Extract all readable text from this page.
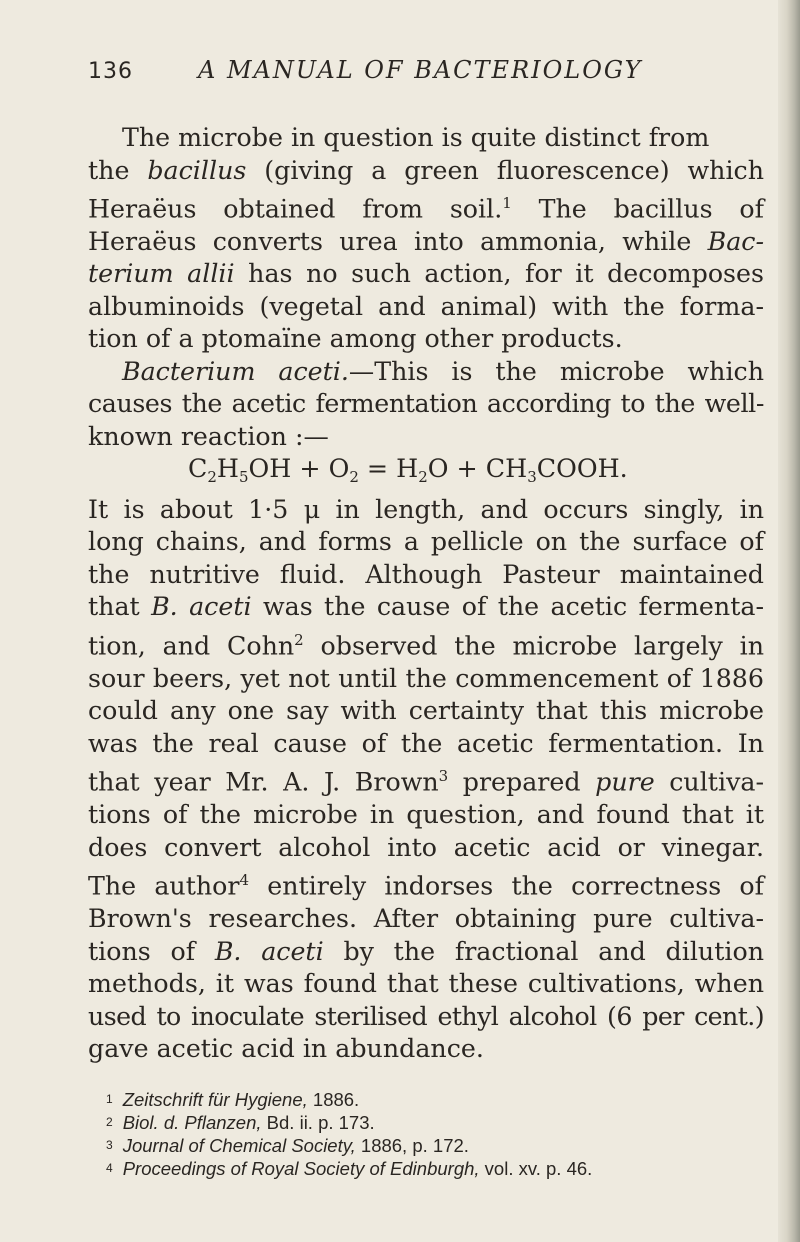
136	A MANUAL OF BACTERIOLOGY
The microbe in question is quite distinct from
the bacillus (giving a green fluorescence) which
Heraëus obtained from soil.$^1$ The bacillus of
Heraëus converts urea into ammonia, while Bac-
terium allii has no such action, for it decomposes
albuminoids (vegetal and animal) with the forma-
tion of a ptomaïne among other products.
Bacterium aceti.—This is the microbe which
causes the acetic fermentation according to the well-
known reaction :—
$C_2H_5OH + O_2 = H_2O$ + $CH_3COOH$.
It is about 1·5 μ in length, and occurs singly, in
long chains, and forms a pellicle on the surface of
the nutritive fluid. Although Pasteur maintained
that B. aceti was the cause of the acetic fermenta-
tion, and Cohn$^2$ observed the microbe largely in
sour beers, yet not until the commencement of 1886
could any one say with certainty that this microbe
was the real cause of the acetic fermentation. In
that year Mr. A. J. Brown$^3$ prepared pure cultiva-
tions of the microbe in question, and found that it
does convert alcohol into acetic acid or vinegar.
The author$^4$ entirely indorses the correctness of
Brown's researches. After obtaining pure cultiva-
tions of B. aceti by the fractional and dilution
methods, it was found that these cultivations, when
used to inoculate sterilised ethyl alcohol (6 per cent.)
gave acetic acid in abundance.
$^1$ Zeitschrift für Hygiene, 1886.
$^2$ Biol. d. Pflanzen, Bd. ii. p. 173.
$^3$ Journal of Chemical Society, 1886, p. 172.
$^4$ Proceedings of Royal Society of Edinburgh, vol. xv. p. 46.
